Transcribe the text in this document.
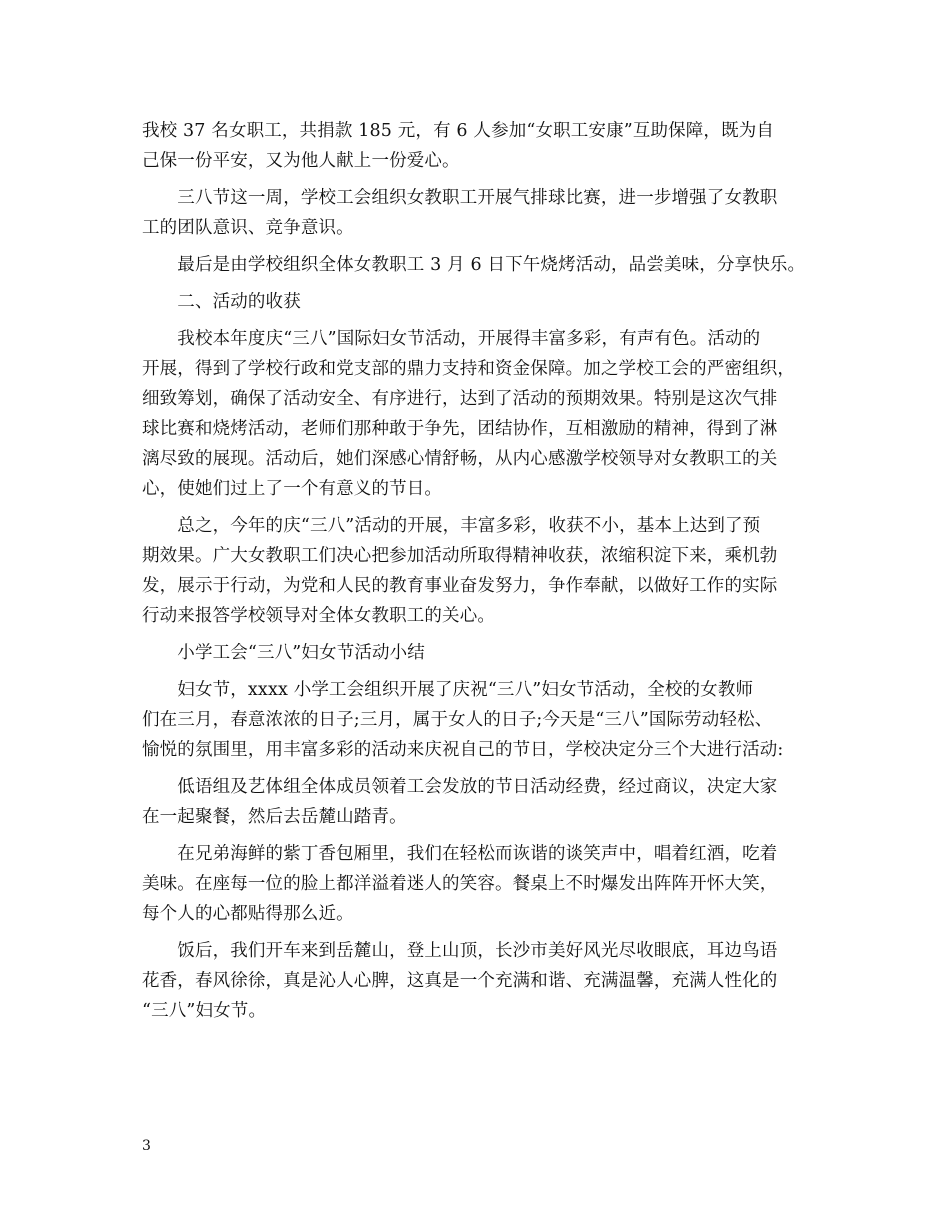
我校 37 名女职工，共捐款 185 元，有 6 人参加“女职工安康”互助保障，既为自
己保一份平安，又为他人献上一份爱心。
　　三八节这一周，学校工会组织女教职工开展气排球比赛，进一步增强了女教职
工的团队意识、竞争意识。
　　最后是由学校组织全体女教职工 3 月 6 日下午烧烤活动，品尝美味，分享快乐。
　　二、活动的收获
　　我校本年度庆“三八”国际妇女节活动，开展得丰富多彩，有声有色。活动的
开展，得到了学校行政和党支部的鼎力支持和资金保障。加之学校工会的严密组织，
细致筹划，确保了活动安全、有序进行，达到了活动的预期效果。特别是这次气排
球比赛和烧烤活动，老师们那种敢于争先，团结协作，互相激励的精神，得到了淋
漓尽致的展现。活动后，她们深感心情舒畅，从内心感激学校领导对女教职工的关
心，使她们过上了一个有意义的节日。
　　总之，今年的庆“三八”活动的开展，丰富多彩，收获不小，基本上达到了预
期效果。广大女教职工们决心把参加活动所取得精神收获，浓缩积淀下来，乘机勃
发，展示于行动，为党和人民的教育事业奋发努力，争作奉献，以做好工作的实际
行动来报答学校领导对全体女教职工的关心。
　　小学工会“三八”妇女节活动小结
　　妇女节，xxxx 小学工会组织开展了庆祝“三八”妇女节活动，全校的女教师
们在三月，春意浓浓的日子;三月，属于女人的日子;今天是“三八”国际劳动轻松、
愉悦的氛围里，用丰富多彩的活动来庆祝自己的节日，学校决定分三个大进行活动:
　　低语组及艺体组全体成员领着工会发放的节日活动经费，经过商议，决定大家
在一起聚餐，然后去岳麓山踏青。
　　在兄弟海鲜的紫丁香包厢里，我们在轻松而诙谐的谈笑声中，唱着红酒，吃着
美味。在座每一位的脸上都洋溢着迷人的笑容。餐桌上不时爆发出阵阵开怀大笑，
每个人的心都贴得那么近。
　　饭后，我们开车来到岳麓山，登上山顶，长沙市美好风光尽收眼底，耳边鸟语
花香，春风徐徐，真是沁人心脾，这真是一个充满和谐、充满温馨，充满人性化的
“三八”妇女节。
3
